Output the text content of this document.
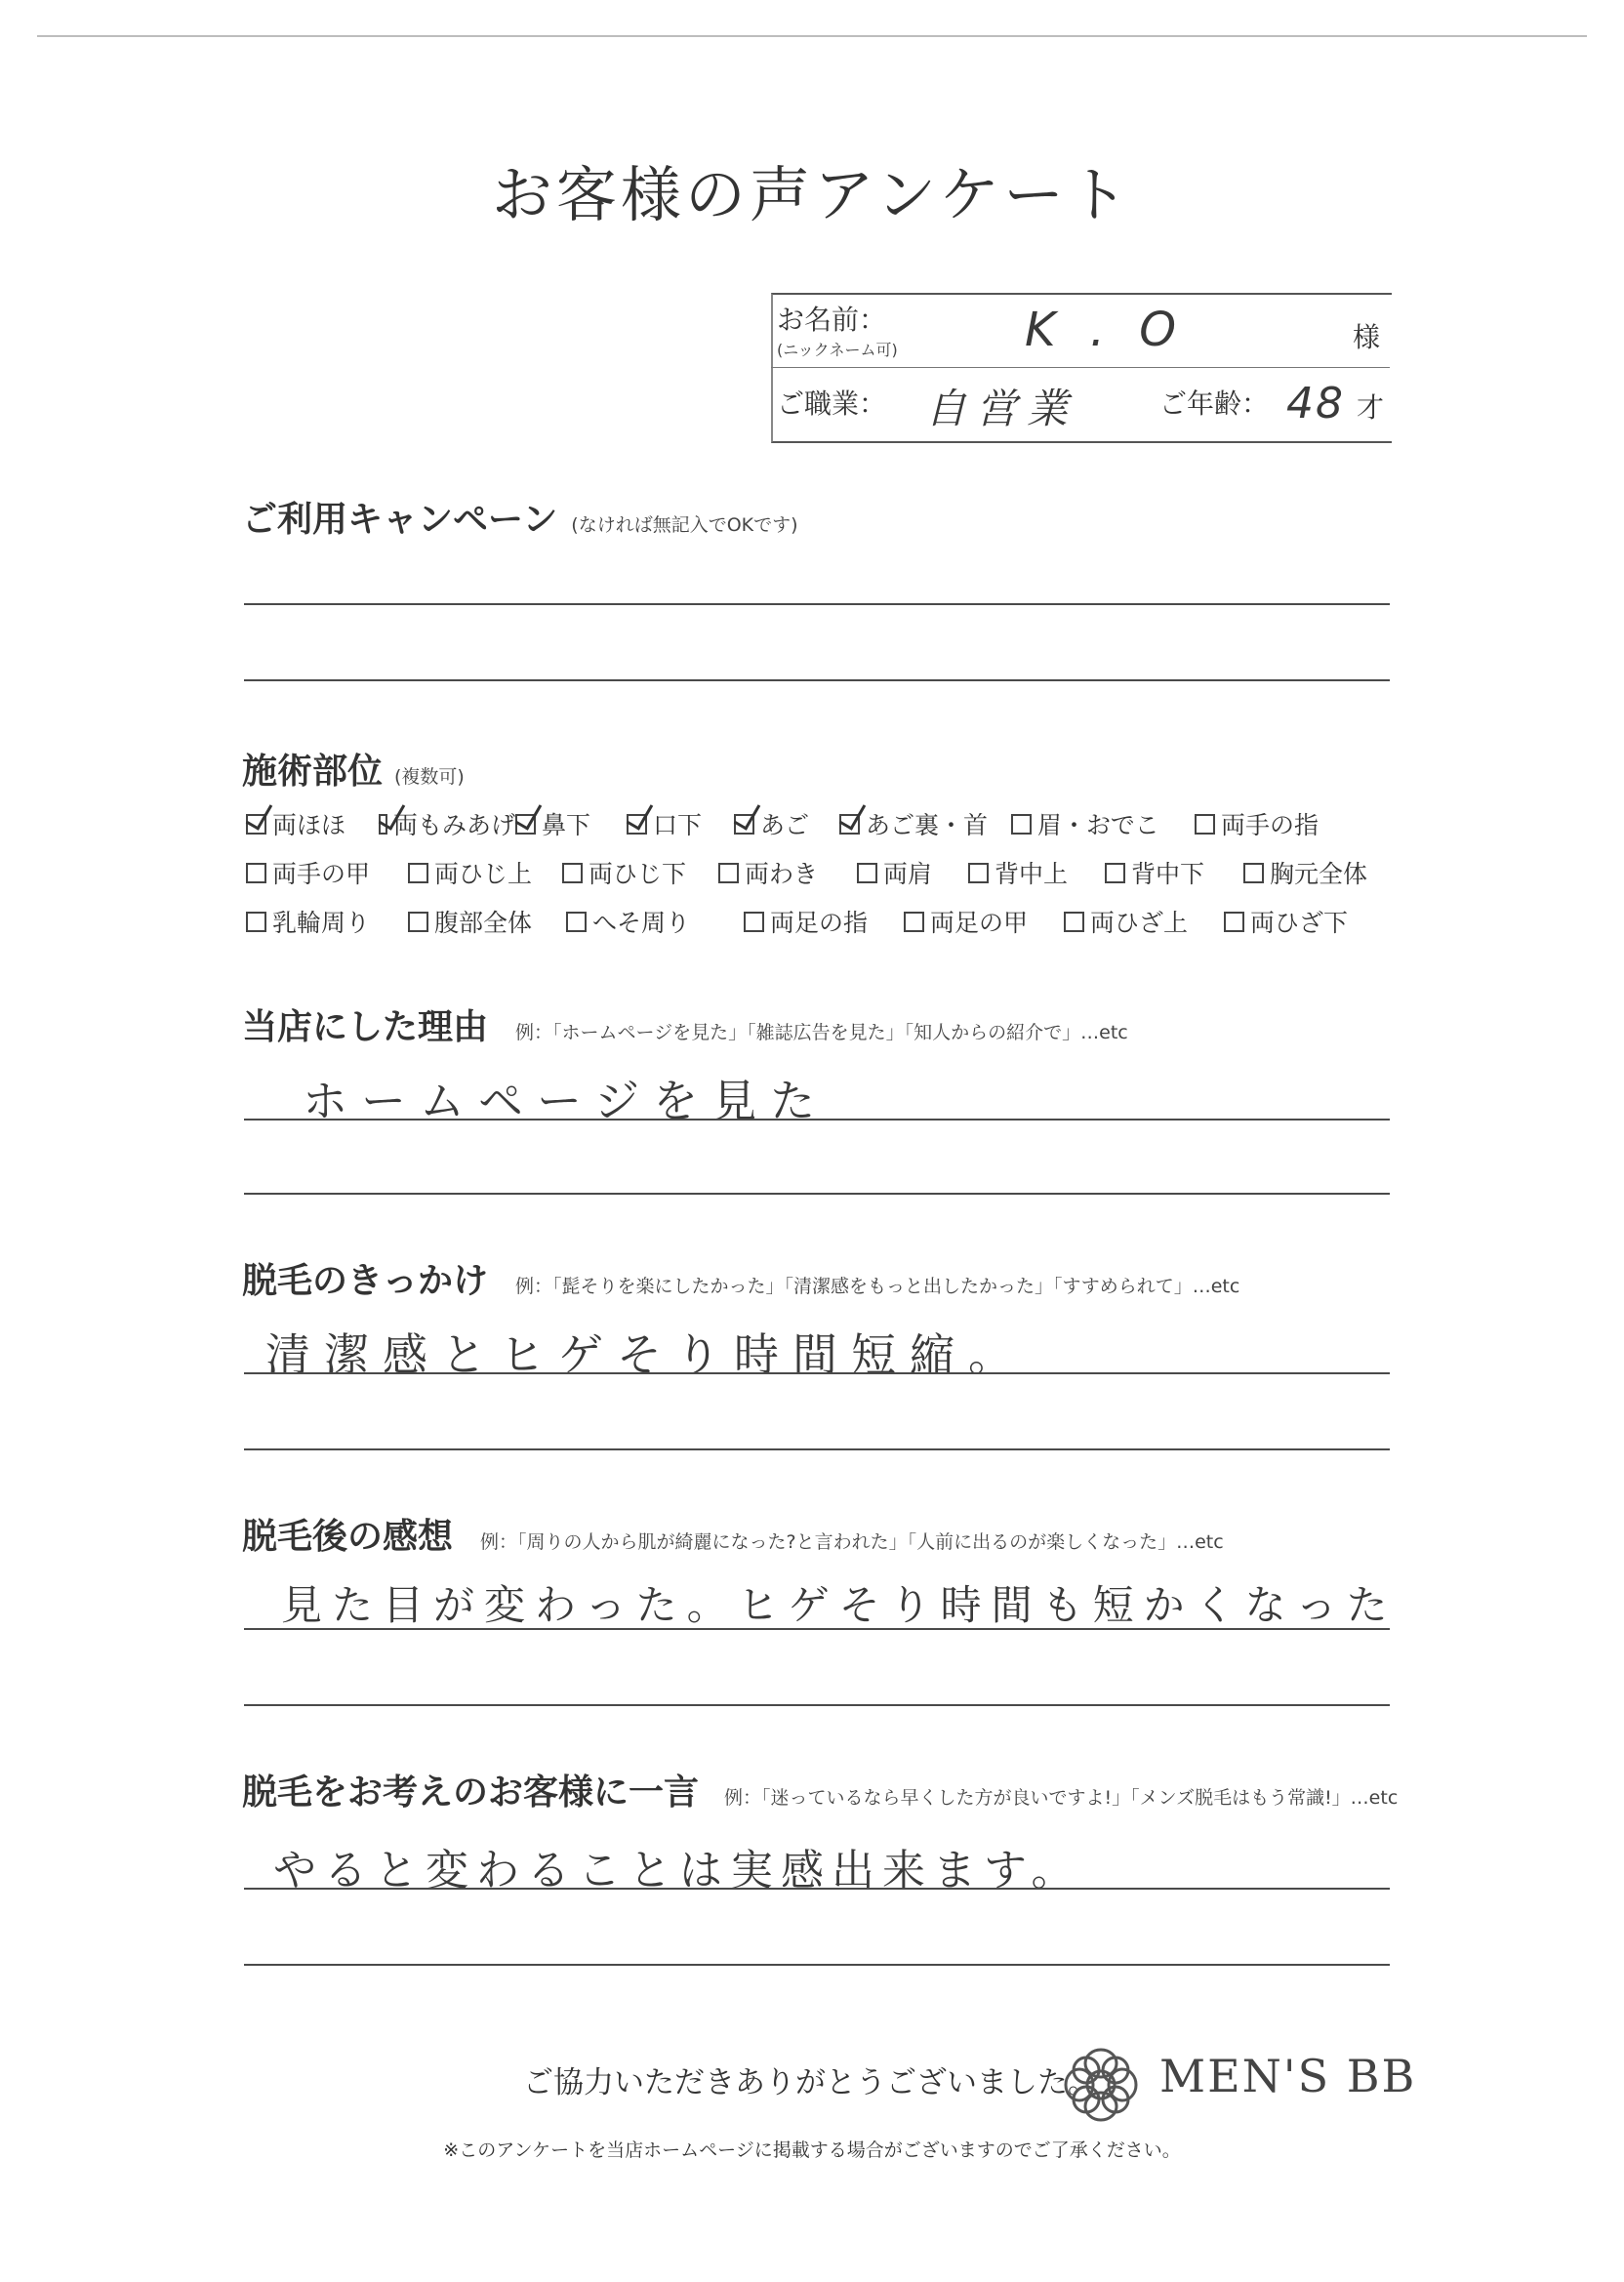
お客様の声アンケート
お名前：
(ニックネーム可)	K . O	様
ご職業： 自営業	ご年齢： 48 才
ご利用キャンペーン (なければ無記入でOKです)
施術部位 (複数可)
両ほほ 両もみあげ 鼻下	口下 あご あご裏・首 眉・おでこ	両手の指
両手の甲	両ひじ上 両ひじ下 両わき	両肩	背中上	背中下	胸元全体
乳輪周り	腹部全体 へそ周り	両足の指	両足の甲	両ひざ上	両ひざ下
当店にした理由 例：「ホームページを見た」「雑誌広告を見た」「知人からの紹介で」…etc
ホームページを見た
脱毛のきっかけ 例：「髭そりを楽にしたかった」「清潔感をもっと出したかった」「すすめられて」…etc
清潔感とヒゲそり時間短縮。
脱毛後の感想 例：「周りの人から肌が綺麗になった?と言われた」「人前に出るのが楽しくなった」…etc
見た目が変わった。ヒゲそり時間も短かくなった
脱毛をお考えのお客様に一言 例：「迷っているなら早くした方が良いですよ!」「メンズ脱毛はもう常識!」…etc
やると変わることは実感出来ます。
ご協力いただきありがとうございました。 MEN'S BB
※このアンケートを当店ホームページに掲載する場合がございますのでご了承ください。
